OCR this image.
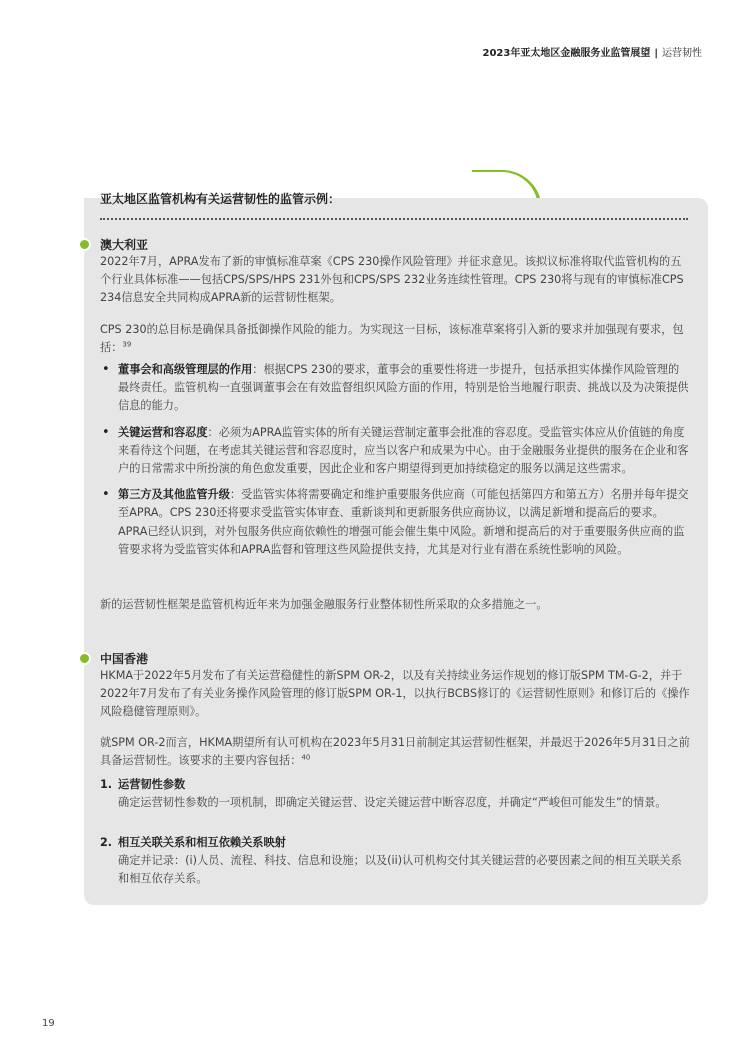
2023年亚太地区金融服务业监管展望 | 运营韧性
亚太地区监管机构有关运营韧性的监管示例：
澳大利亚

2022年7月，APRA发布了新的审慎标准草案《CPS 230操作风险管理》并征求意见。该拟议标准将取代监管机构的五个行业具体标准——包括CPS/SPS/HPS 231外包和CPS/SPS 232业务连续性管理。CPS 230将与现有的审慎标准CPS 234信息安全共同构成APRA新的运营韧性框架。

CPS 230的总目标是确保具备抵御操作风险的能力。为实现这一目标，该标准草案将引入新的要求并加强现有要求，包括：$^{39}$

• 董事会和高级管理层的作用：根据CPS 230的要求，董事会的重要性将进一步提升，包括承担实体操作风险管理的最终责任。监管机构一直强调董事会在有效监督组织风险方面的作用，特别是恰当地履行职责、挑战以及为决策提供信息的能力。
• 关键运营和容忍度：必须为APRA监管实体的所有关键运营制定董事会批准的容忍度。受监管实体应从价值链的角度来看待这个问题，在考虑其关键运营和容忍度时，应当以客户和成果为中心。由于金融服务业提供的服务在企业和客户的日常需求中所扮演的角色愈发重要，因此企业和客户期望得到更加持续稳定的服务以满足这些需求。
• 第三方及其他监管升级：受监管实体将需要确定和维护重要服务供应商（可能包括第四方和第五方）名册并每年提交至APRA。CPS 230还将要求受监管实体审查、重新谈判和更新服务供应商协议，以满足新增和提高后的要求。APRA已经认识到，对外包服务供应商依赖性的增强可能会催生集中风险。新增和提高后的对于重要服务供应商的监管要求将为受监管实体和APRA监督和管理这些风险提供支持，尤其是对行业有潜在系统性影响的风险。

新的运营韧性框架是监管机构近年来为加强金融服务行业整体韧性所采取的众多措施之一。

中国香港

HKMA于2022年5月发布了有关运营稳健性的新SPM OR-2，以及有关持续业务运作规划的修订版SPM TM-G-2，并于2022年7月发布了有关业务操作风险管理的修订版SPM OR-1，以执行BCBS修订的《运营韧性原则》和修订后的《操作风险稳健管理原则》。

就SPM OR-2而言，HKMA期望所有认可机构在2023年5月31日前制定其运营韧性框架，并最迟于2026年5月31日之前具备运营韧性。该要求的主要内容包括：$^{40}$

1. 运营韧性参数
确定运营韧性参数的一项机制，即确定关键运营、设定关键运营中断容忍度，并确定“严峻但可能发生”的情景。
2. 相互关联关系和相互依赖关系映射
确定并记录：(i)人员、流程、科技、信息和设施；以及(ii)认可机构交付其关键运营的必要因素之间的相互关联关系和相互依存关系。
19
